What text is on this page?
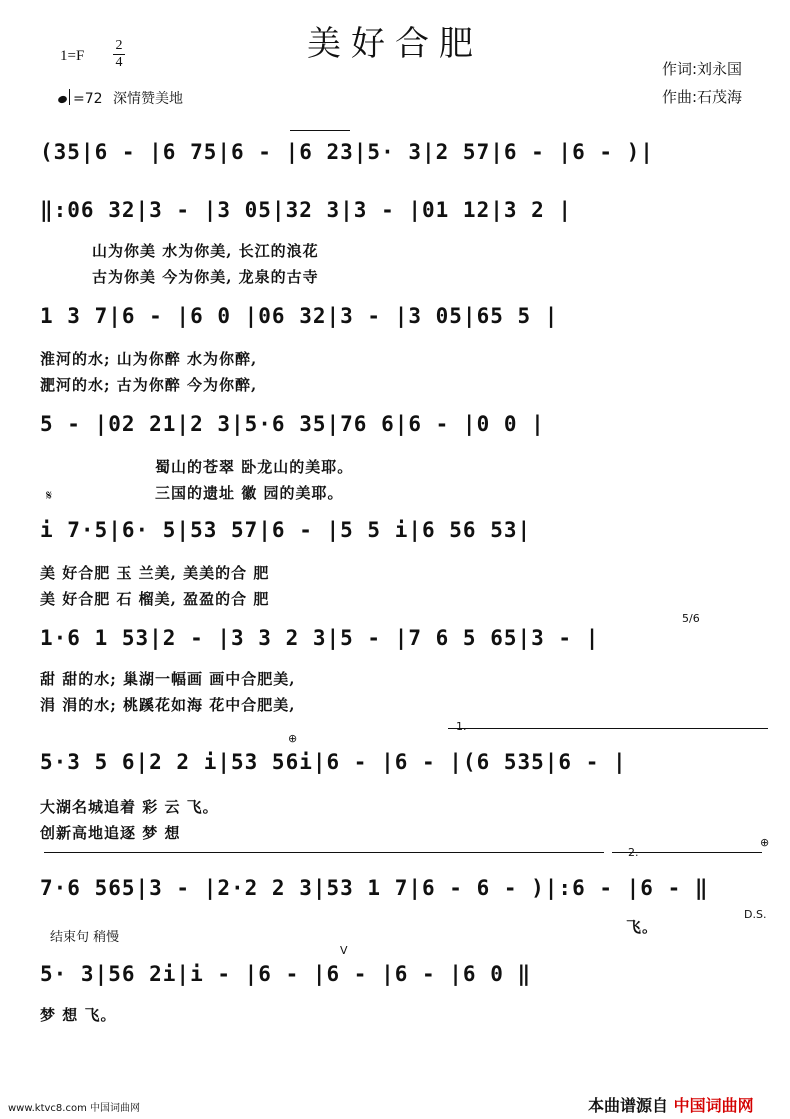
美好合肥
1=F
2
4
=72 深情赞美地
作词:刘永国
作曲:石茂海
(35|6 - |6 75|6 - |6 23|5· 3|2 57|6 - |6 - )|
‖:06 32|3 - |3 05|32 3|3 - |01 12|3 2 |
山为你美 水为你美, 长江的浪花
古为你美 今为你美, 龙泉的古寺
1 3 7|6 - |6 0 |06 32|3 - |3 05|65 5 |
淮河的水; 山为你醉 水为你醉,
淝河的水; 古为你醉 今为你醉,
5 - |02 21|2 3|5·6 35|76 6|6 - |0 0 |
蜀山的苍翠 卧龙山的美耶。
三国的遗址 徽 园的美耶。
𝄋
i 7·5|6· 5|53 57|6 - |5 5 i|6 56 53|
美 好合肥 玉 兰美, 美美的合 肥
美 好合肥 石 榴美, 盈盈的合 肥
5/6
1·6 1 53|2 - |3 3 2 3|5 - |7 6 5 65|3 - |
甜 甜的水; 巢湖一幅画 画中合肥美,
涓 涓的水; 桃蹊花如海 花中合肥美,
1.
⊕
5·3 5 6|2 2 i|53 56i|6 - |6 - |(6 535|6 - |
大湖名城追着 彩 云 飞。
创新高地追逐 梦 想
2.
⊕
7·6 565|3 - |2·2 2 3|53 1 7|6 - 6 - )|:6 - |6 - ‖
D.S.
飞。
结束句 稍慢
V
5· 3|56 2i|i - |6 - |6 - |6 - |6 0 ‖
梦 想 飞。
www.ktvc8.com 中国词曲网	本曲谱源自 中国词曲网
